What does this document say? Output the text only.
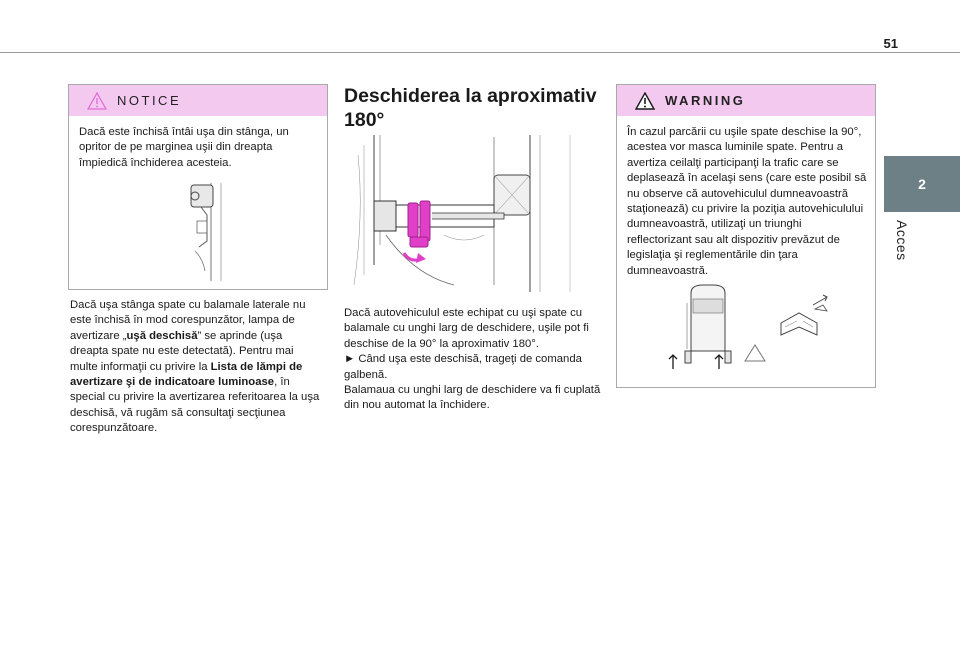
51
2
Acces
NOTICE
Dacă este închisă întâi uşa din stânga, un opritor de pe marginea uşii din dreapta împiedică închiderea acesteia.
Dacă uşa stânga spate cu balamale laterale nu este închisă în mod corespunzător, lampa de avertizare „uşă deschisă” se aprinde (uşa dreapta spate nu este detectată). Pentru mai multe informaţii cu privire la Lista de lămpi de avertizare şi de indicatoare luminoase, în special cu privire la avertizarea referitoarea la uşa deschisă, vă rugăm să consultaţi secţiunea corespunzătoare.
Deschiderea la aproximativ 180°
Dacă autovehiculul este echipat cu uşi spate cu balamale cu unghi larg de deschidere, uşile pot fi deschise de la 90° la aproximativ 180°.
► Când uşa este deschisă, trageţi de comanda galbenă.
Balamaua cu unghi larg de deschidere va fi cuplată din nou automat la închidere.
WARNING
În cazul parcării cu uşile spate deschise la 90°, acestea vor masca luminile spate. Pentru a avertiza ceilalţi participanţi la trafic care se deplasează în acelaşi sens (care este posibil să nu observe că autovehiculul dumneavoastră staţionează) cu privire la poziţia autovehiculului dumneavoastră, utilizaţi un triunghi reflectorizant sau alt dispozitiv prevăzut de legislaţia şi reglementările din ţara dumneavoastră.
